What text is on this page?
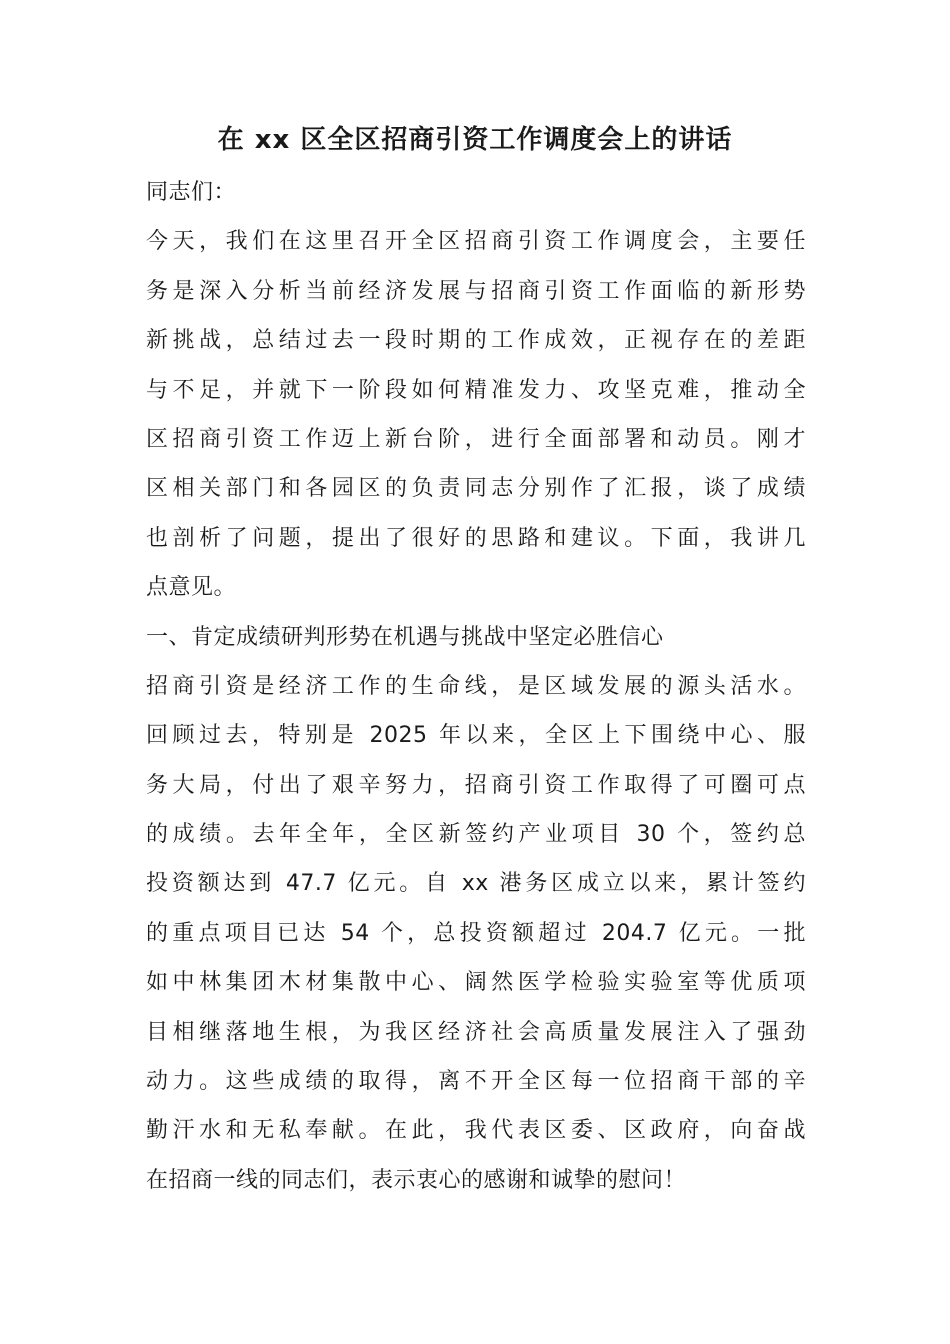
在 xx 区全区招商引资工作调度会上的讲话
同志们：
今天，我们在这里召开全区招商引资工作调度会，主要任
务是深入分析当前经济发展与招商引资工作面临的新形势
新挑战，总结过去一段时期的工作成效，正视存在的差距
与不足，并就下一阶段如何精准发力、攻坚克难，推动全
区招商引资工作迈上新台阶，进行全面部署和动员。刚才
区相关部门和各园区的负责同志分别作了汇报，谈了成绩
也剖析了问题，提出了很好的思路和建议。下面，我讲几
点意见。
一、肯定成绩研判形势在机遇与挑战中坚定必胜信心
招商引资是经济工作的生命线，是区域发展的源头活水。
回顾过去，特别是 2025 年以来，全区上下围绕中心、服
务大局，付出了艰辛努力，招商引资工作取得了可圈可点
的成绩。去年全年，全区新签约产业项目 30 个，签约总
投资额达到 47.7 亿元。自 xx 港务区成立以来，累计签约
的重点项目已达 54 个，总投资额超过 204.7 亿元。一批
如中林集团木材集散中心、阔然医学检验实验室等优质项
目相继落地生根，为我区经济社会高质量发展注入了强劲
动力。这些成绩的取得，离不开全区每一位招商干部的辛
勤汗水和无私奉献。在此，我代表区委、区政府，向奋战
在招商一线的同志们，表示衷心的感谢和诚挚的慰问！
